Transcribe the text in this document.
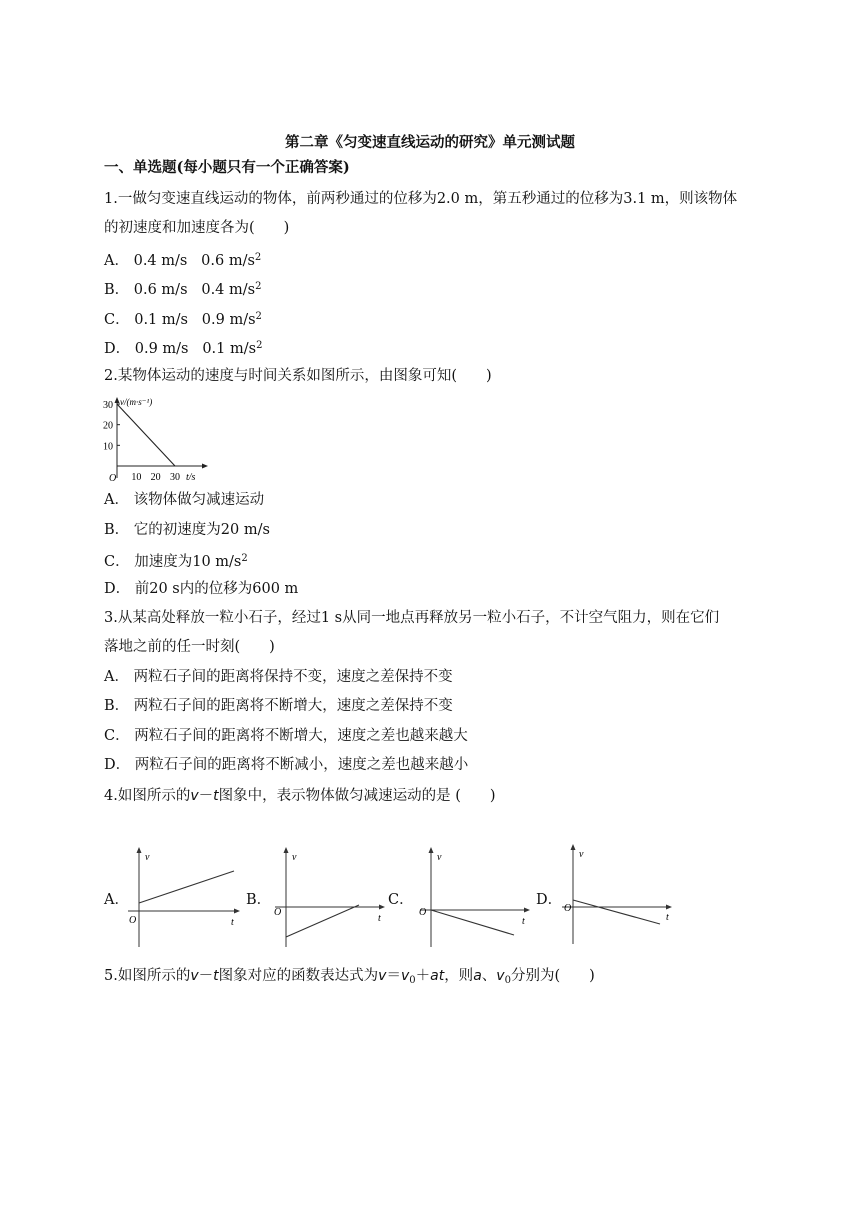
第二章《匀变速直线运动的研究》单元测试题
一、单选题(每小题只有一个正确答案)
1.一做匀变速直线运动的物体，前两秒通过的位移为2.0 m，第五秒通过的位移为3.1 m，则该物体
的初速度和加速度各为(　　)
A． 0.4 m/s 0.6 $m/s^2$
B． 0.6 m/s 0.4 $m/s^2$
C． 0.1 m/s 0.9 $m/s^2$
D． 0.9 m/s 0.1 $m/s^2$
2.某物体运动的速度与时间关系如图所示，由图象可知(　　)
10 20 30
10
20
30 v/(m·s⁻¹)
t/s
O
A． 该物体做匀减速运动
B． 它的初速度为20 m/s
C． 加速度为10 $m/s^2$
D． 前20 s内的位移为600 m
3.从某高处释放一粒小石子，经过1 s从同一地点再释放另一粒小石子，不计空气阻力，则在它们
落地之前的任一时刻(　　)
A． 两粒石子间的距离将保持不变，速度之差保持不变
B． 两粒石子间的距离将不断增大，速度之差保持不变
C． 两粒石子间的距离将不断增大，速度之差也越来越大
D． 两粒石子间的距离将不断减小，速度之差也越来越小
4.如图所示的v－t图象中，表示物体做匀减速运动的是 (　　)
A．	B．	C．	D．
v
t
O
v
t
O
v
t
O
v
t
O
5.如图所示的v－t图象对应的函数表达式为$v=v_0+at$，则a、$v_0$分别为(　　)
